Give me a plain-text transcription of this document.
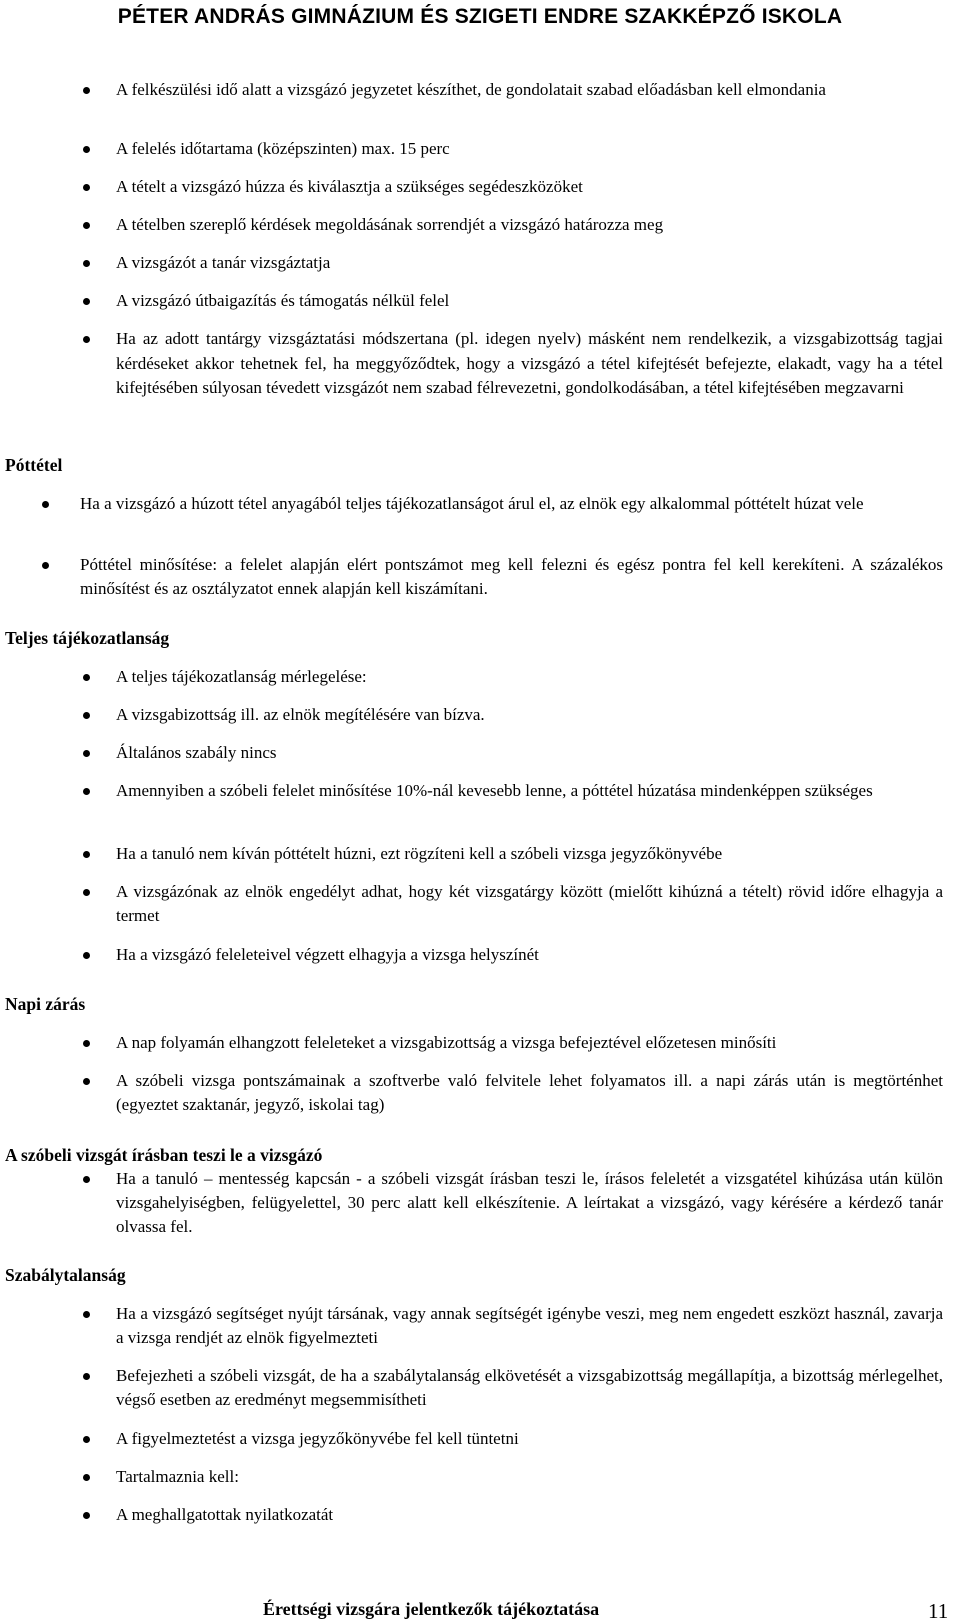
PÉTER ANDRÁS GIMNÁZIUM ÉS SZIGETI ENDRE SZAKKÉPZŐ ISKOLA
A felkészülési idő alatt a vizsgázó jegyzetet készíthet, de gondolatait szabad előadásban kell elmondania
A felelés időtartama (középszinten) max. 15 perc
A tételt a vizsgázó húzza és kiválasztja a szükséges segédeszközöket
A tételben szereplő kérdések megoldásának sorrendjét a vizsgázó határozza meg
A vizsgázót a tanár vizsgáztatja
A vizsgázó útbaigazítás és támogatás nélkül felel
Ha az adott tantárgy vizsgáztatási módszertana (pl. idegen nyelv) másként nem rendelkezik, a vizsgabizottság tagjai kérdéseket akkor tehetnek fel, ha meggyőződtek, hogy a vizsgázó a tétel kifejtését befejezte, elakadt, vagy ha a tétel kifejtésében súlyosan tévedett vizsgázót nem szabad félrevezetni, gondolkodásában, a tétel kifejtésében megzavarni
Póttétel
Ha a vizsgázó a húzott tétel anyagából teljes tájékozatlanságot árul el, az elnök egy alkalommal póttételt húzat vele
Póttétel minősítése: a felelet alapján elért pontszámot meg kell felezni és egész pontra fel kell kerekíteni. A százalékos minősítést és az osztályzatot ennek alapján kell kiszámítani.
Teljes tájékozatlanság
A teljes tájékozatlanság mérlegelése:
A vizsgabizottság ill. az elnök megítélésére van bízva.
Általános szabály nincs
Amennyiben a szóbeli felelet minősítése 10%-nál kevesebb lenne, a póttétel húzatása mindenképpen szükséges
Ha a tanuló nem kíván póttételt húzni, ezt rögzíteni kell a szóbeli vizsga jegyzőkönyvébe
A vizsgázónak az elnök engedélyt adhat, hogy két vizsgatárgy között (mielőtt kihúzná a tételt) rövid időre elhagyja a termet
Ha a vizsgázó feleleteivel végzett elhagyja a vizsga helyszínét
Napi zárás
A nap folyamán elhangzott feleleteket a vizsgabizottság a vizsga befejeztével előzetesen minősíti
A szóbeli vizsga pontszámainak a szoftverbe való felvitele lehet folyamatos ill. a napi zárás után is megtörténhet (egyeztet szaktanár, jegyző, iskolai tag)
A szóbeli vizsgát írásban teszi le a vizsgázó
Ha a tanuló – mentesség kapcsán - a szóbeli vizsgát írásban teszi le, írásos feleletét a vizsgatétel kihúzása után külön vizsgahelyiségben, felügyelettel, 30 perc alatt kell elkészítenie. A leírtakat a vizsgázó, vagy kérésére a kérdező tanár olvassa fel.
Szabálytalanság
Ha a vizsgázó segítséget nyújt társának, vagy annak segítségét igénybe veszi, meg nem engedett eszközt használ, zavarja a vizsga rendjét az elnök figyelmezteti
Befejezheti a szóbeli vizsgát, de ha a szabálytalanság elkövetését a vizsgabizottság megállapítja, a bizottság mérlegelhet, végső esetben az eredményt megsemmisítheti
A figyelmeztetést a vizsga jegyzőkönyvébe fel kell tüntetni
Tartalmaznia kell:
A meghallgatottak nyilatkozatát
Érettségi vizsgára jelentkezők tájékoztatása	11
